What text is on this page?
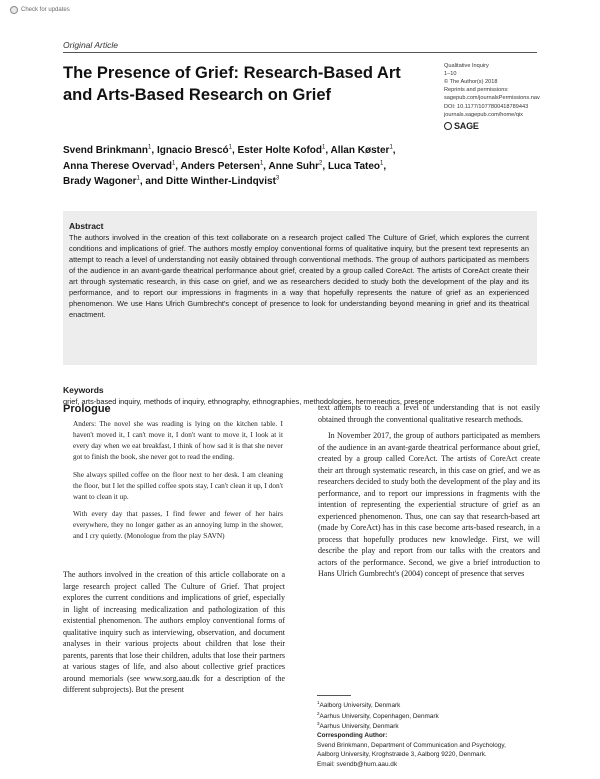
Check for updates
Original Article
The Presence of Grief: Research-Based Art
and Arts-Based Research on Grief
Qualitative Inquiry
1–10
© The Author(s) 2018
Reprints and permissions:
sagepub.com/journalsPermissions.nav
DOI: 10.1177/1077800418789443
journals.sagepub.com/home/qix
SAGE
Svend Brinkmann$^1$, Ignacio Brescó$^1$, Ester Holte Kofod$^1$, Allan Køster$^1$,
Anna Therese Overvad$^1$, Anders Petersen$^1$, Anne Suhr$^2$, Luca Tateo$^1$,
Brady Wagoner$^1$, and Ditte Winther-Lindqvist$^3$
Abstract
The authors involved in the creation of this text collaborate on a research project called The Culture of Grief, which explores the current conditions and implications of grief. The authors mostly employ conventional forms of qualitative inquiry, but the present text represents an attempt to reach a level of understanding not easily obtained through conventional methods. The group of authors participated as members of the audience in an avant-garde theatrical performance about grief, created by a group called CoreAct. The artists of CoreAct create their art through systematic research, in this case on grief, and we as researchers decided to study both the development of the play and its performance, and to report our impressions in fragments in a way that hopefully represents the nature of grief as an experienced phenomenon. We use Hans Ulrich Gumbrecht's concept of presence to look for understanding beyond meaning in grief and its theatrical enactment.
Keywords
grief, arts-based inquiry, methods of inquiry, ethnography, ethnographies, methodologies, hermeneutics, presence
Prologue

Anders: The novel she was reading is lying on the kitchen table. I haven't moved it, I can't move it, I don't want to move it, I look at it every day when we eat breakfast, I think of how sad it is that she never got to finish the book, she never got to read the ending.

She always spilled coffee on the floor next to her desk. I am cleaning the floor, but I let the spilled coffee spots stay, I can't clean it up, I don't want to clean it up.

With every day that passes, I find fewer and fewer of her hairs everywhere, they no longer gather as an annoying lump in the shower, and I cry quietly. (Monologue from the play SAVN)

The authors involved in the creation of this article collaborate on a large research project called The Culture of Grief. That project explores the current conditions and implications of grief, especially in light of increasing medicalization and pathologization of this existential phenomenon. The authors employ conventional forms of qualitative inquiry such as interviewing, observation, and document analyses in their various projects about children that lose their parents, parents that lose their children, adults that lose their partners at various stages of life, and also about collective grief practices around memorials (see www.sorg.aau.dk for a description of the different subprojects). But the present

text attempts to reach a level of understanding that is not easily obtained through the conventional qualitative research methods.

In November 2017, the group of authors participated as members of the audience in an avant-garde theatrical performance about grief, created by a group called CoreAct. The artists of CoreAct create their art through systematic research, in this case on grief, and we as researchers decided to study both the development of the play and its performance, and to report our impressions in fragments with the intention of representing the experiential structure of grief as an experienced phenomenon. Thus, one can say that research-based art (made by CoreAct) has in this case become arts-based research, in a process that hopefully produces new knowledge. First, we will describe the play and report from our talks with the creators and actors of the performance. Second, we give a brief introduction to Hans Ulrich Gumbrecht's (2004) concept of presence that serves

$^1$Aalborg University, Denmark
$^2$Aarhus University, Copenhagen, Denmark
$^3$Aarhus University, Denmark
Corresponding Author:
Svend Brinkmann, Department of Communication and Psychology,
Aalborg University, Kroghstræde 3, Aalborg 9220, Denmark.
Email: svendb@hum.aau.dk
